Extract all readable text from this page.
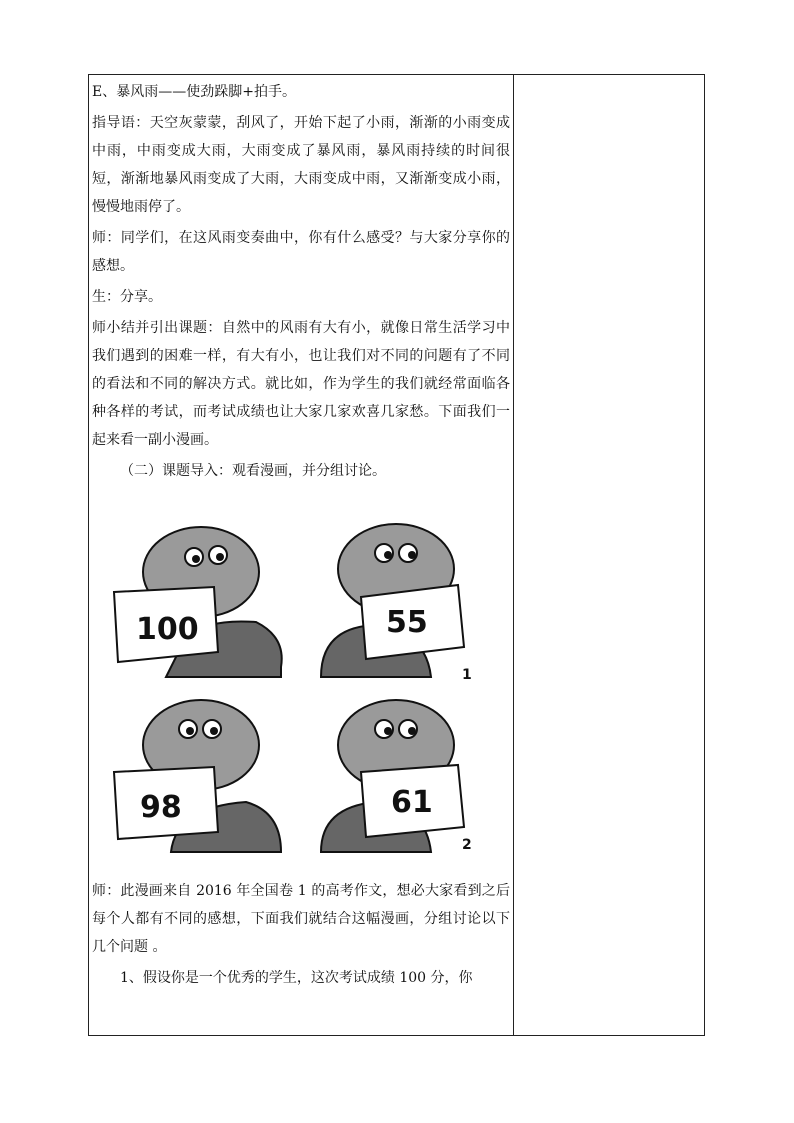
E、暴风雨——使劲跺脚+拍手。

指导语：天空灰蒙蒙，刮风了，开始下起了小雨，渐渐的小雨变成中雨，中雨变成大雨，大雨变成了暴风雨，暴风雨持续的时间很短，渐渐地暴风雨变成了大雨，大雨变成中雨，又渐渐变成小雨，慢慢地雨停了。

师：同学们，在这风雨变奏曲中，你有什么感受？与大家分享你的感想。

生：分享。

师小结并引出课题：自然中的风雨有大有小，就像日常生活学习中我们遇到的困难一样，有大有小，也让我们对不同的问题有了不同的看法和不同的解决方式。就比如，作为学生的我们就经常面临各种各样的考试，而考试成绩也让大家几家欢喜几家愁。下面我们一起来看一副小漫画。

（二）课题导入：观看漫画，并分组讨论。

100	55
98	61
1
2

师：此漫画来自 2016 年全国卷 1 的高考作文，想必大家看到之后每个人都有不同的感想，下面我们就结合这幅漫画，分组讨论以下几个问题 。

1、假设你是一个优秀的学生，这次考试成绩 100 分，你
